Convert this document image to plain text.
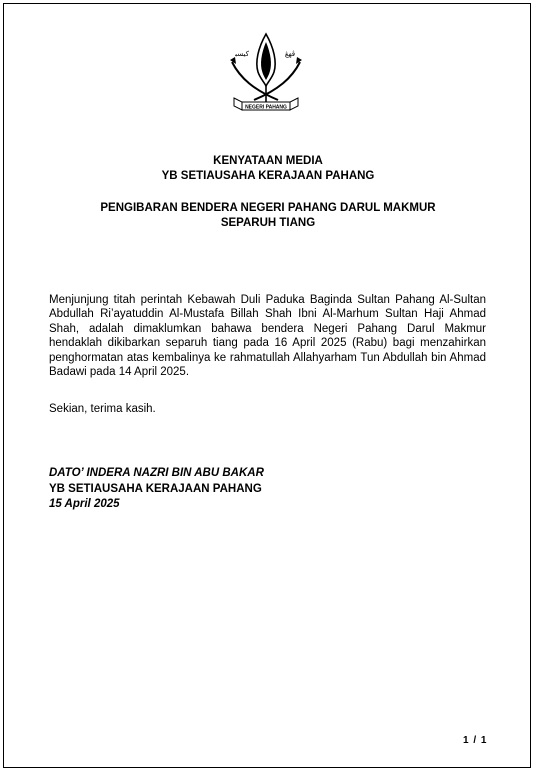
NEGERI PAHANG
ﻛﻴﺴﺒ	ڤهڠ
KENYATAAN MEDIA
YB SETIAUSAHA KERAJAAN PAHANG
PENGIBARAN BENDERA NEGERI PAHANG DARUL MAKMUR
SEPARUH TIANG
Menjunjung titah perintah Kebawah Duli Paduka Baginda Sultan Pahang Al-Sultan Abdullah Ri’ayatuddin Al-Mustafa Billah Shah Ibni Al-Marhum Sultan Haji Ahmad Shah, adalah dimaklumkan bahawa bendera Negeri Pahang Darul Makmur hendaklah dikibarkan separuh tiang pada 16 April 2025 (Rabu) bagi menzahirkan penghormatan atas kembalinya ke rahmatullah Allahyarham Tun Abdullah bin Ahmad Badawi pada 14 April 2025.
Sekian, terima kasih.
DATO’ INDERA NAZRI BIN ABU BAKAR
YB SETIAUSAHA KERAJAAN PAHANG
15 April 2025
1 / 1
